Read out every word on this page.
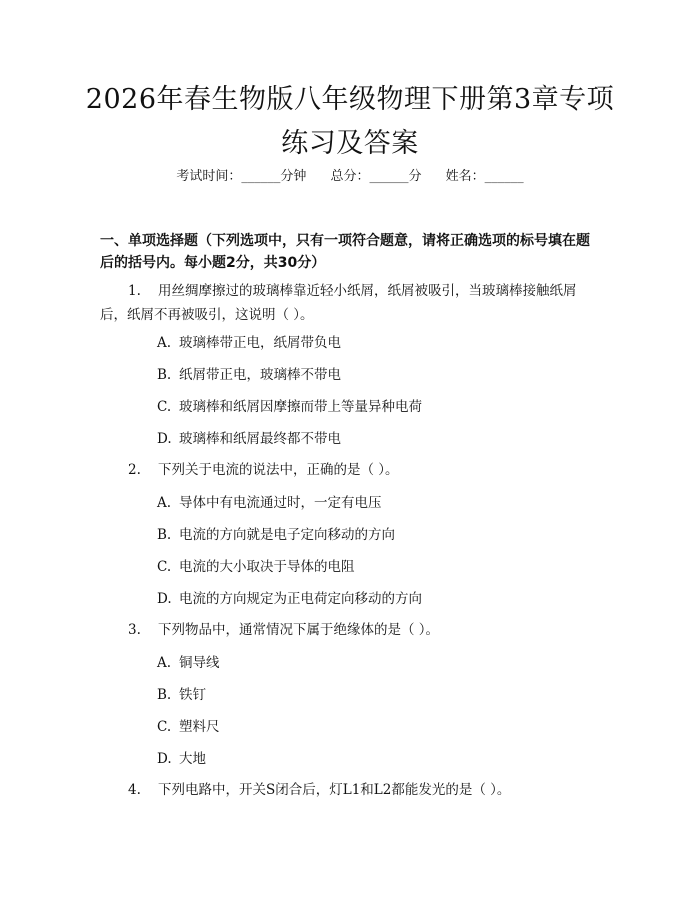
2026年春生物版八年级物理下册第3章专项
练习及答案
考试时间：______分钟 总分：______分 姓名：______

一、单项选择题（下列选项中，只有一项符合题意，请将正确选项的标号填在题后的括号内。每小题2分，共30分）

1. 用丝绸摩擦过的玻璃棒靠近轻小纸屑，纸屑被吸引，当玻璃棒接触纸屑后，纸屑不再被吸引，这说明（ ）。
A. 玻璃棒带正电，纸屑带负电
B. 纸屑带正电，玻璃棒不带电
C. 玻璃棒和纸屑因摩擦而带上等量异种电荷
D. 玻璃棒和纸屑最终都不带电
2. 下列关于电流的说法中，正确的是（ ）。
A. 导体中有电流通过时，一定有电压
B. 电流的方向就是电子定向移动的方向
C. 电流的大小取决于导体的电阻
D. 电流的方向规定为正电荷定向移动的方向
3. 下列物品中，通常情况下属于绝缘体的是（ ）。
A. 铜导线
B. 铁钉
C. 塑料尺
D. 大地
4. 下列电路中，开关S闭合后，灯L1和L2都能发光的是（ ）。
